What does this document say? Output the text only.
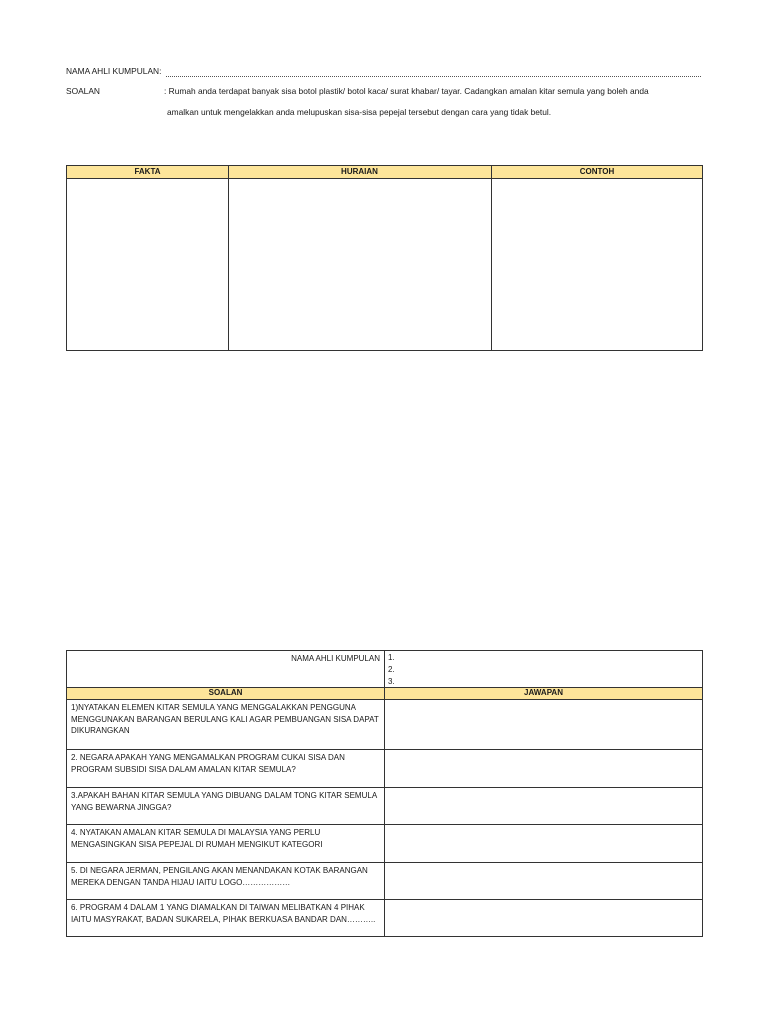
NAMA AHLI KUMPULAN:
SOALAN	: Rumah anda terdapat banyak sisa botol plastik/ botol kaca/ surat khabar/ tayar. Cadangkan amalan kitar semula yang boleh anda
amalkan untuk mengelakkan anda melupuskan sisa-sisa pepejal tersebut dengan cara yang tidak betul.
FAKTA	HURAIAN	CONTOH
NAMA AHLI KUMPULAN	1.
2.
3.
SOALAN	JAWAPAN
1)NYATAKAN ELEMEN KITAR SEMULA YANG MENGGALAKKAN PENGGUNA MENGGUNAKAN BARANGAN BERULANG KALI AGAR PEMBUANGAN SISA DAPAT DIKURANGKAN
2. NEGARA APAKAH YANG MENGAMALKAN PROGRAM CUKAI SISA DAN PROGRAM SUBSIDI SISA DALAM AMALAN KITAR SEMULA?
3.APAKAH BAHAN KITAR SEMULA YANG DIBUANG DALAM TONG KITAR SEMULA YANG BEWARNA JINGGA?
4. NYATAKAN AMALAN KITAR SEMULA DI MALAYSIA YANG PERLU MENGASINGKAN SISA PEPEJAL DI RUMAH MENGIKUT KATEGORI
5. DI NEGARA JERMAN, PENGILANG AKAN MENANDAKAN KOTAK BARANGAN MEREKA DENGAN TANDA HIJAU IAITU LOGO………………
6. PROGRAM 4 DALAM 1 YANG DIAMALKAN DI TAIWAN MELIBATKAN 4 PIHAK IAITU MASYRAKAT, BADAN SUKARELA, PIHAK BERKUASA BANDAR DAN………..
